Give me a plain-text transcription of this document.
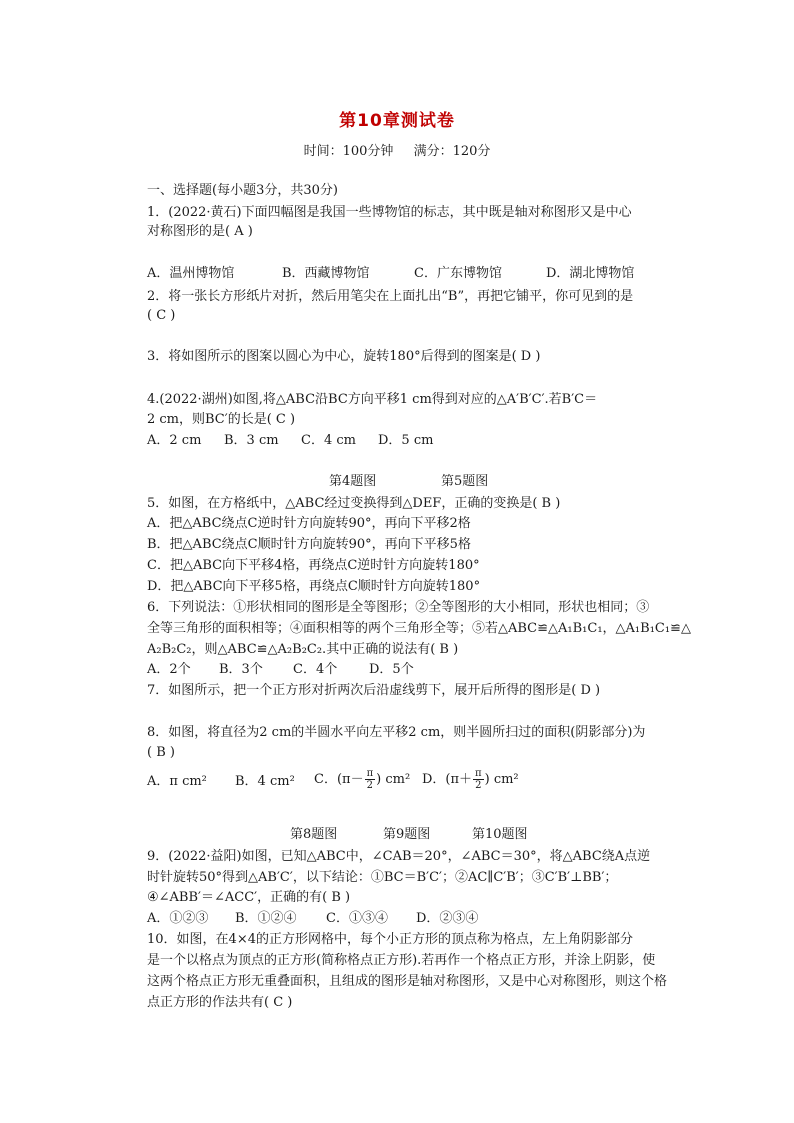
第10章测试卷
时间：100分钟 满分：120分
一、选择题(每小题3分，共30分)
1．(2022·黄石)下面四幅图是我国一些博物馆的标志，其中既是轴对称图形又是中心
对称图形的是( A )
A．温州博物馆	B．西藏博物馆	C．广东博物馆	D．湖北博物馆
2．将一张长方形纸片对折，然后用笔尖在上面扎出“B”，再把它铺平，你可见到的是
( C )
3．将如图所示的图案以圆心为中心，旋转180°后得到的图案是( D )
4.(2022·湖州)如图,将△ABC沿BC方向平移1 cm得到对应的△A′B′C′.若B′C＝
2 cm，则BC′的长是( C )
A．2 cm B．3 cm C．4 cm D．5 cm
第4题图	第5题图
5．如图，在方格纸中，△ABC经过变换得到△DEF，正确的变换是( B )
A．把△ABC绕点C逆时针方向旋转90°，再向下平移2格
B．把△ABC绕点C顺时针方向旋转90°，再向下平移5格
C．把△ABC向下平移4格，再绕点C逆时针方向旋转180°
D．把△ABC向下平移5格，再绕点C顺时针方向旋转180°
6．下列说法：①形状相同的图形是全等图形；②全等图形的大小相同，形状也相同；③
全等三角形的面积相等；④面积相等的两个三角形全等；⑤若△ABC≌△A₁B₁C₁，△A₁B₁C₁≌△
A₂B₂C₂，则△ABC≌△A₂B₂C₂.其中正确的说法有( B )
A．2个 B．3个 C．4个 D．5个
7．如图所示，把一个正方形对折两次后沿虚线剪下，展开后所得的图形是( D )
8．如图，将直径为2 cm的半圆水平向左平移2 cm，则半圆所扫过的面积(阴影部分)为
( B )
A．π cm² B．4 cm² C．($\pi- \frac{\pi}{2}$ ) cm² D．($\pi+ \frac{\pi}{2}$ ) cm²
第8题图	第9题图	第10题图
9．(2022·益阳)如图，已知△ABC中，∠CAB＝20°，∠ABC＝30°，将△ABC绕A点逆
时针旋转50°得到△AB′C′，以下结论：①BC＝B′C′；②AC∥C′B′；③C′B′⊥BB′；
④∠ABB′＝∠ACC′，正确的有( B )
A．①②③ B．①②④ C．①③④ D．②③④
10．如图，在4×4的正方形网格中，每个小正方形的顶点称为格点，左上角阴影部分
是一个以格点为顶点的正方形(简称格点正方形).若再作一个格点正方形，并涂上阴影，使
这两个格点正方形无重叠面积，且组成的图形是轴对称图形，又是中心对称图形，则这个格
点正方形的作法共有( C )
